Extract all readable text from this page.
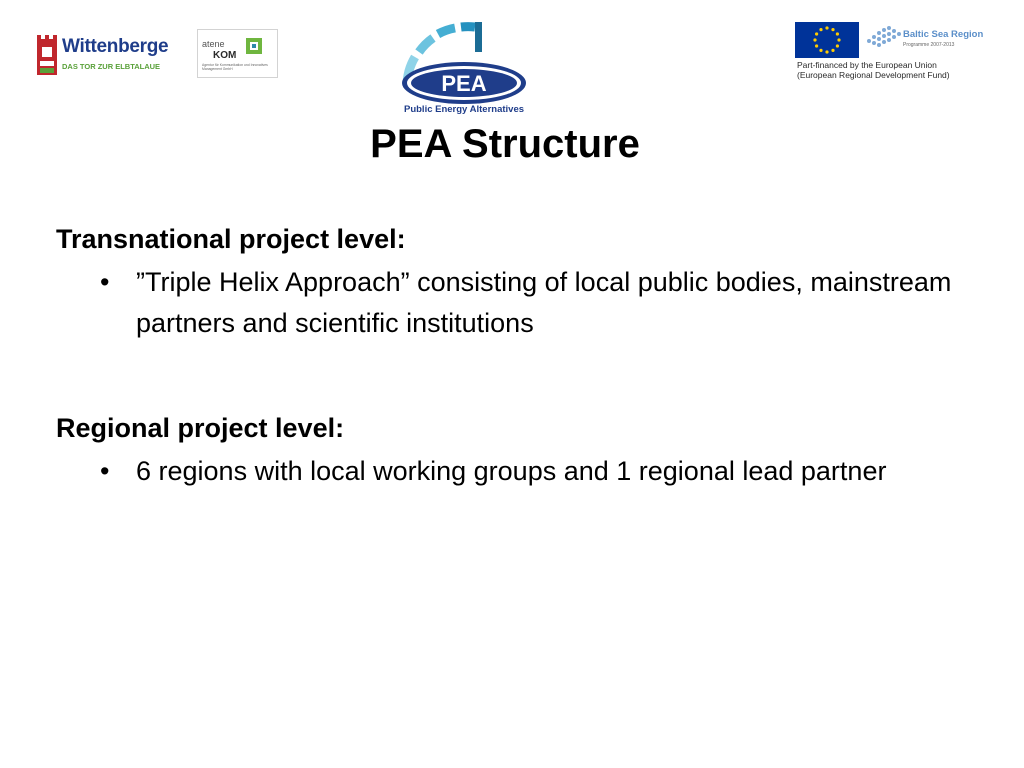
Wittenberge
DAS TOR ZUR ELBTALAUE
atene
KOM
Agentur für Kommunikation und Innovatives Management GmbH
PEA
Public Energy Alternatives
Baltic Sea Region
Programme 2007-2013
Part-financed by the European Union
(European Regional Development Fund)
PEA Structure

Transnational project level:

• ”Triple Helix Approach” consisting of local public bodies, mainstream partners and scientific institutions

Regional project level:

• 6 regions with local working groups and 1 regional lead partner
